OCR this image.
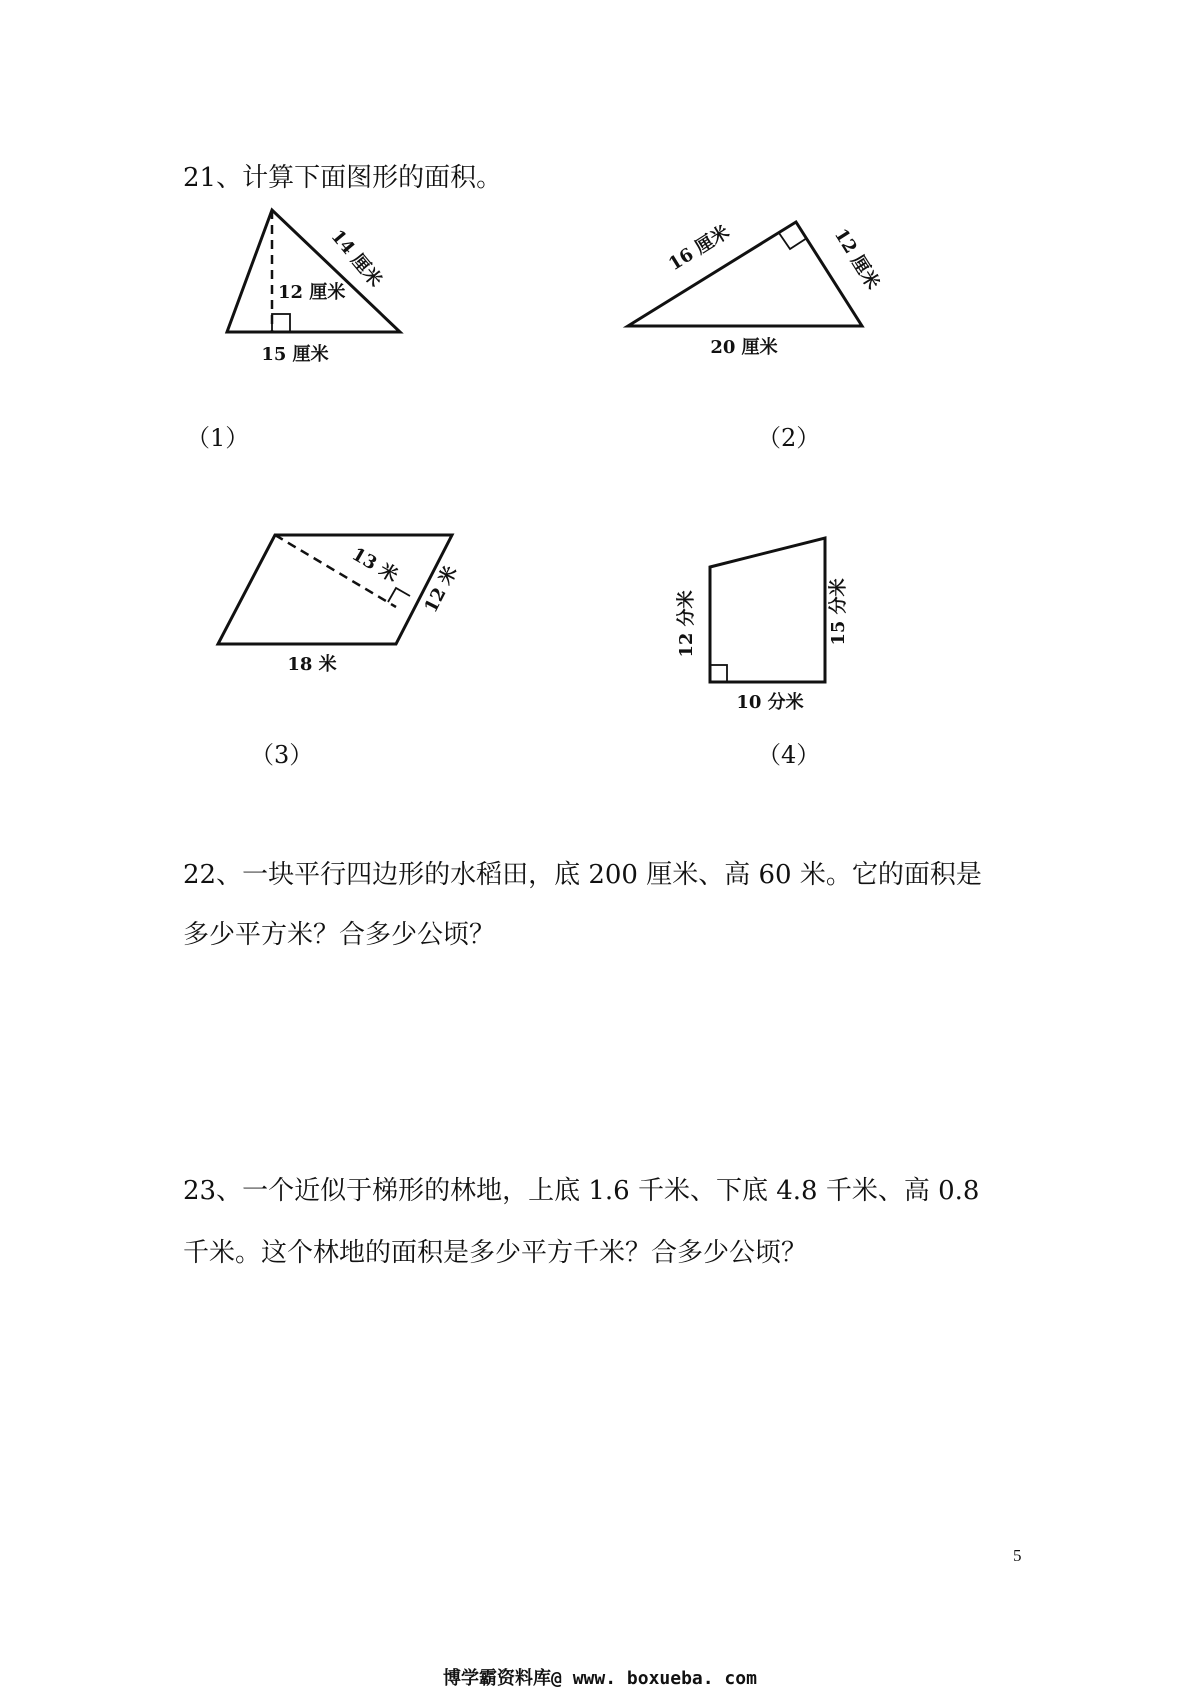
21、计算下面图形的面积。

14 厘米
12 厘米
15 厘米
16 厘米	12 厘米
20 厘米
13 米 12 米
18 米
12 分米	15 分米
10 分米
（1）	（2）
（3）	（4）

22、一块平行四边形的水稻田，底 200 厘米、高 60 米。它的面积是

多少平方米？合多少公顷？

23、一个近似于梯形的林地，上底 1.6 千米、下底 4.8 千米、高 0.8

千米。这个林地的面积是多少平方千米？合多少公顷？

5
博学霸资料库@ www. boxueba. com
